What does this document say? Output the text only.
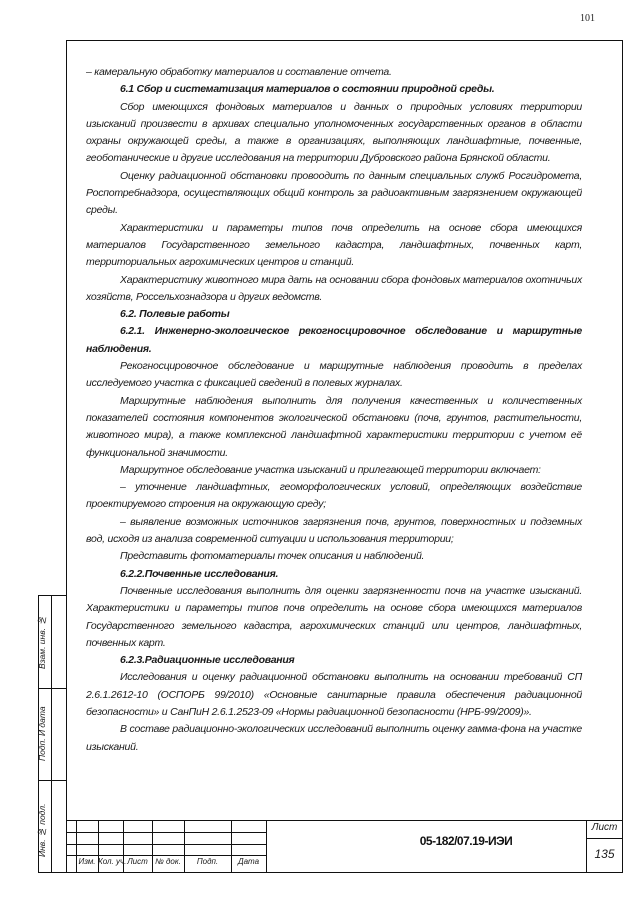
101

– камеральную обработку материалов и составление отчета.

6.1 Сбор и систематизация материалов о состоянии природной среды.

Сбор имеющихся фондовых материалов и данных о природных условиях территории изысканий произвести в архивах специально уполномоченных государственных органов в области охраны окружающей среды, а также в организациях, выполняющих ландшафтные, почвенные, геоботанические и другие исследования на территории Дубровского района Брянской области.

Оценку радиационной обстановки провоодить по данным специальных служб Росгидромета, Роспотребнадзора, осуществляющих общий контроль за радиоактивным загрязнением окружающей среды.

Характеристики и параметры типов почв определить на основе сбора имеющихся материалов Государственного земельного кадастра, ландшафтных, почвенных карт, территориальных агрохимических центров и станций.

Характеристику животного мира дать на основании сбора фондовых материалов охотничьих хозяйств, Россельхознадзора и других ведомств.

6.2. Полевые работы

6.2.1. Инженерно-экологическое рекогносцировочное обследование и маршрутные наблюдения.

Рекогносцировочное обследование и маршрутные наблюдения проводить в пределах исследуемого участка с фиксацией сведений в полевых журналах.

Маршрутные наблюдения выполнить для получения качественных и количественных показателей состояния компонентов экологической обстановки (почв, грунтов, растительности, животного мира), а также комплексной ландшафтной характеристики территории с учетом её функциональной значимости.

Маршрутное обследование участка изысканий и прилегающей территории включает:

– уточнение ландшафтных, геоморфологических условий, определяющих воздействие проектируемого строения на окружающую среду;

– выявление возможных источников загрязнения почв, грунтов, поверхностных и подземных вод, исходя из анализа современной ситуации и использования территории;

Представить фотоматериалы точек описания и наблюдений.

6.2.2.Почвенные исследования.

Почвенные исследования выполнить для оценки загрязненности почв на участке изысканий. Характеристики и параметры типов почв определить на основе сбора имеющихся материалов Государственного земельного кадастра, агрохимических станций или центров, ландшафтных, почвенных карт.

6.2.3.Радиационные исследования

Исследования и оценку радиационной обстановки выполнить на основании требований СП 2.6.1.2612-10 (ОСПОРБ 99/2010) «Основные санитарные правила обеспечения радиационной безопасности» и СанПиН 2.6.1.2523-09 «Нормы радиационной безопасности (НРБ-99/2009)».

В составе радиационно-экологических исследований выполнить оценку гамма-фона на участке изысканий.

Инв. № подл.
Подп. И дата
Взам. инв. №
Изм. Кол. уч. Лист № док.	Подп.	Дата
05-182/07.19-ИЭИ
Лист
135
